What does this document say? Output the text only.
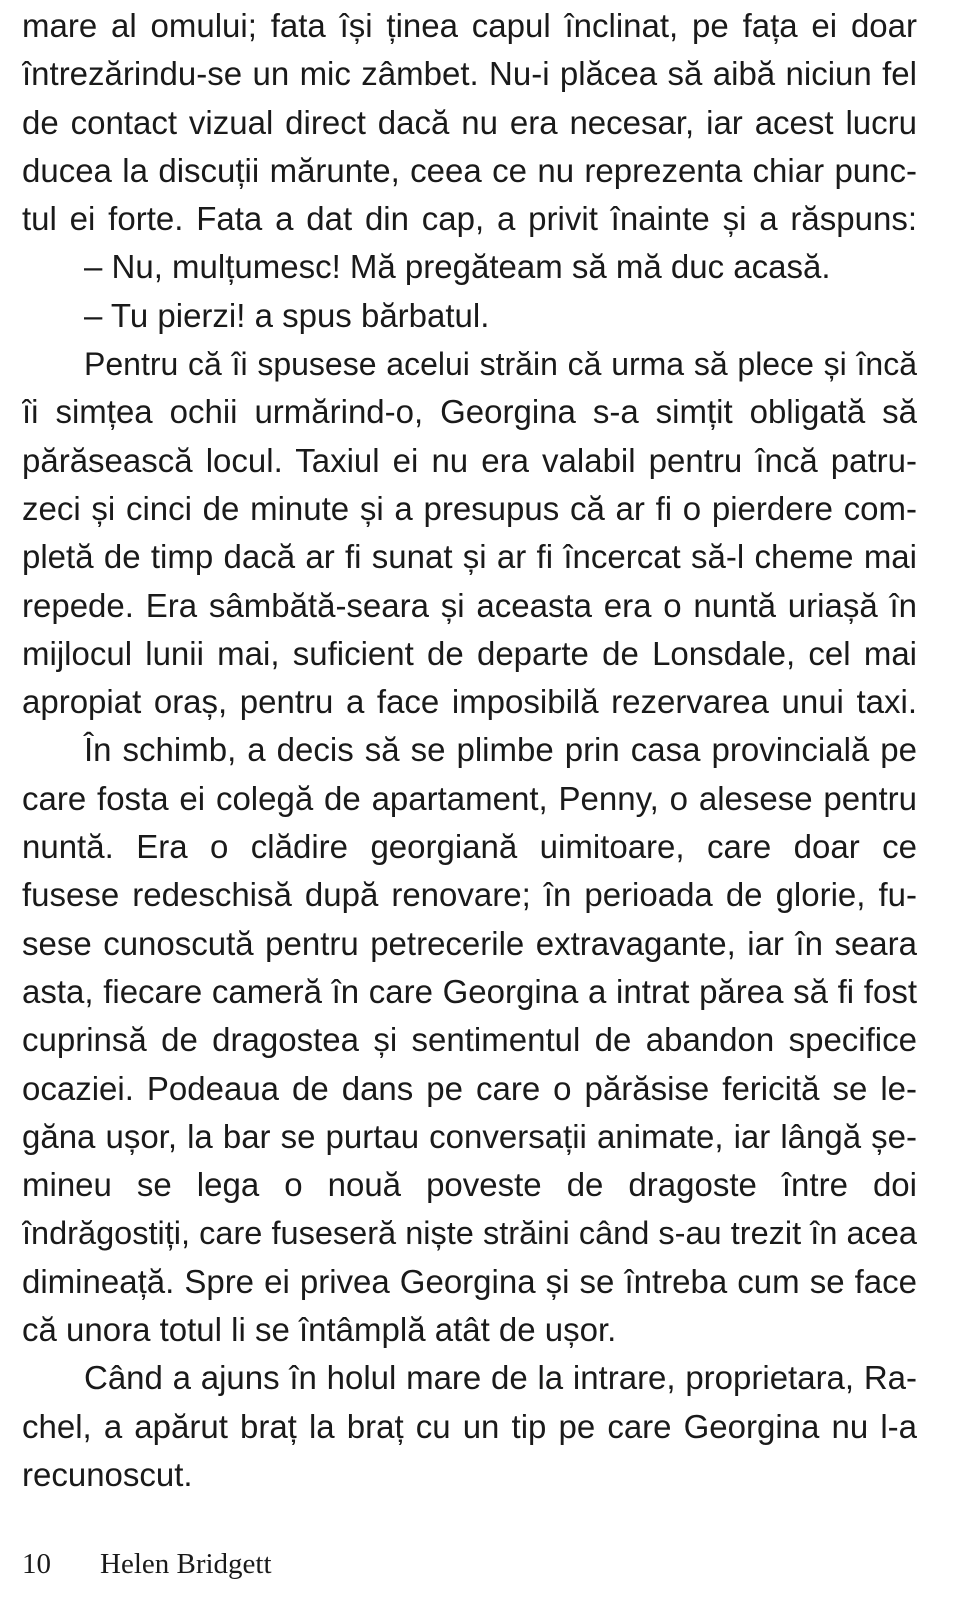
mare al omului; fata își ținea capul înclinat, pe fața ei doar
întrezărindu-se un mic zâmbet. Nu-i plăcea să aibă niciun fel
de contact vizual direct dacă nu era necesar, iar acest lucru
ducea la discuții mărunte, ceea ce nu reprezenta chiar punc-
tul ei forte. Fata a dat din cap, a privit înainte și a răspuns:
– Nu, mulțumesc! Mă pregăteam să mă duc acasă.
– Tu pierzi! a spus bărbatul.
Pentru că îi spusese acelui străin că urma să plece și încă
îi simțea ochii urmărind-o, Georgina s-a simțit obligată să
părăsească locul. Taxiul ei nu era valabil pentru încă patru-
zeci și cinci de minute și a presupus că ar fi o pierdere com-
pletă de timp dacă ar fi sunat și ar fi încercat să-l cheme mai
repede. Era sâmbătă-seara și aceasta era o nuntă uriașă în
mijlocul lunii mai, suficient de departe de Lonsdale, cel mai
apropiat oraș, pentru a face imposibilă rezervarea unui taxi.
În schimb, a decis să se plimbe prin casa provincială pe
care fosta ei colegă de apartament, Penny, o alesese pentru
nuntă. Era o clădire georgiană uimitoare, care doar ce
fusese redeschisă după renovare; în perioada de glorie, fu-
sese cunoscută pentru petrecerile extravagante, iar în seara
asta, fiecare cameră în care Georgina a intrat părea să fi fost
cuprinsă de dragostea și sentimentul de abandon specifice
ocaziei. Podeaua de dans pe care o părăsise fericită se le-
găna ușor, la bar se purtau conversații animate, iar lângă șe-
mineu se lega o nouă poveste de dragoste între doi
îndrăgostiți, care fuseseră niște străini când s-au trezit în acea
dimineață. Spre ei privea Georgina și se întreba cum se face
că unora totul li se întâmplă atât de ușor.
Când a ajuns în holul mare de la intrare, proprietara, Ra-
chel, a apărut braț la braț cu un tip pe care Georgina nu l-a
recunoscut.
10 Helen Bridgett
